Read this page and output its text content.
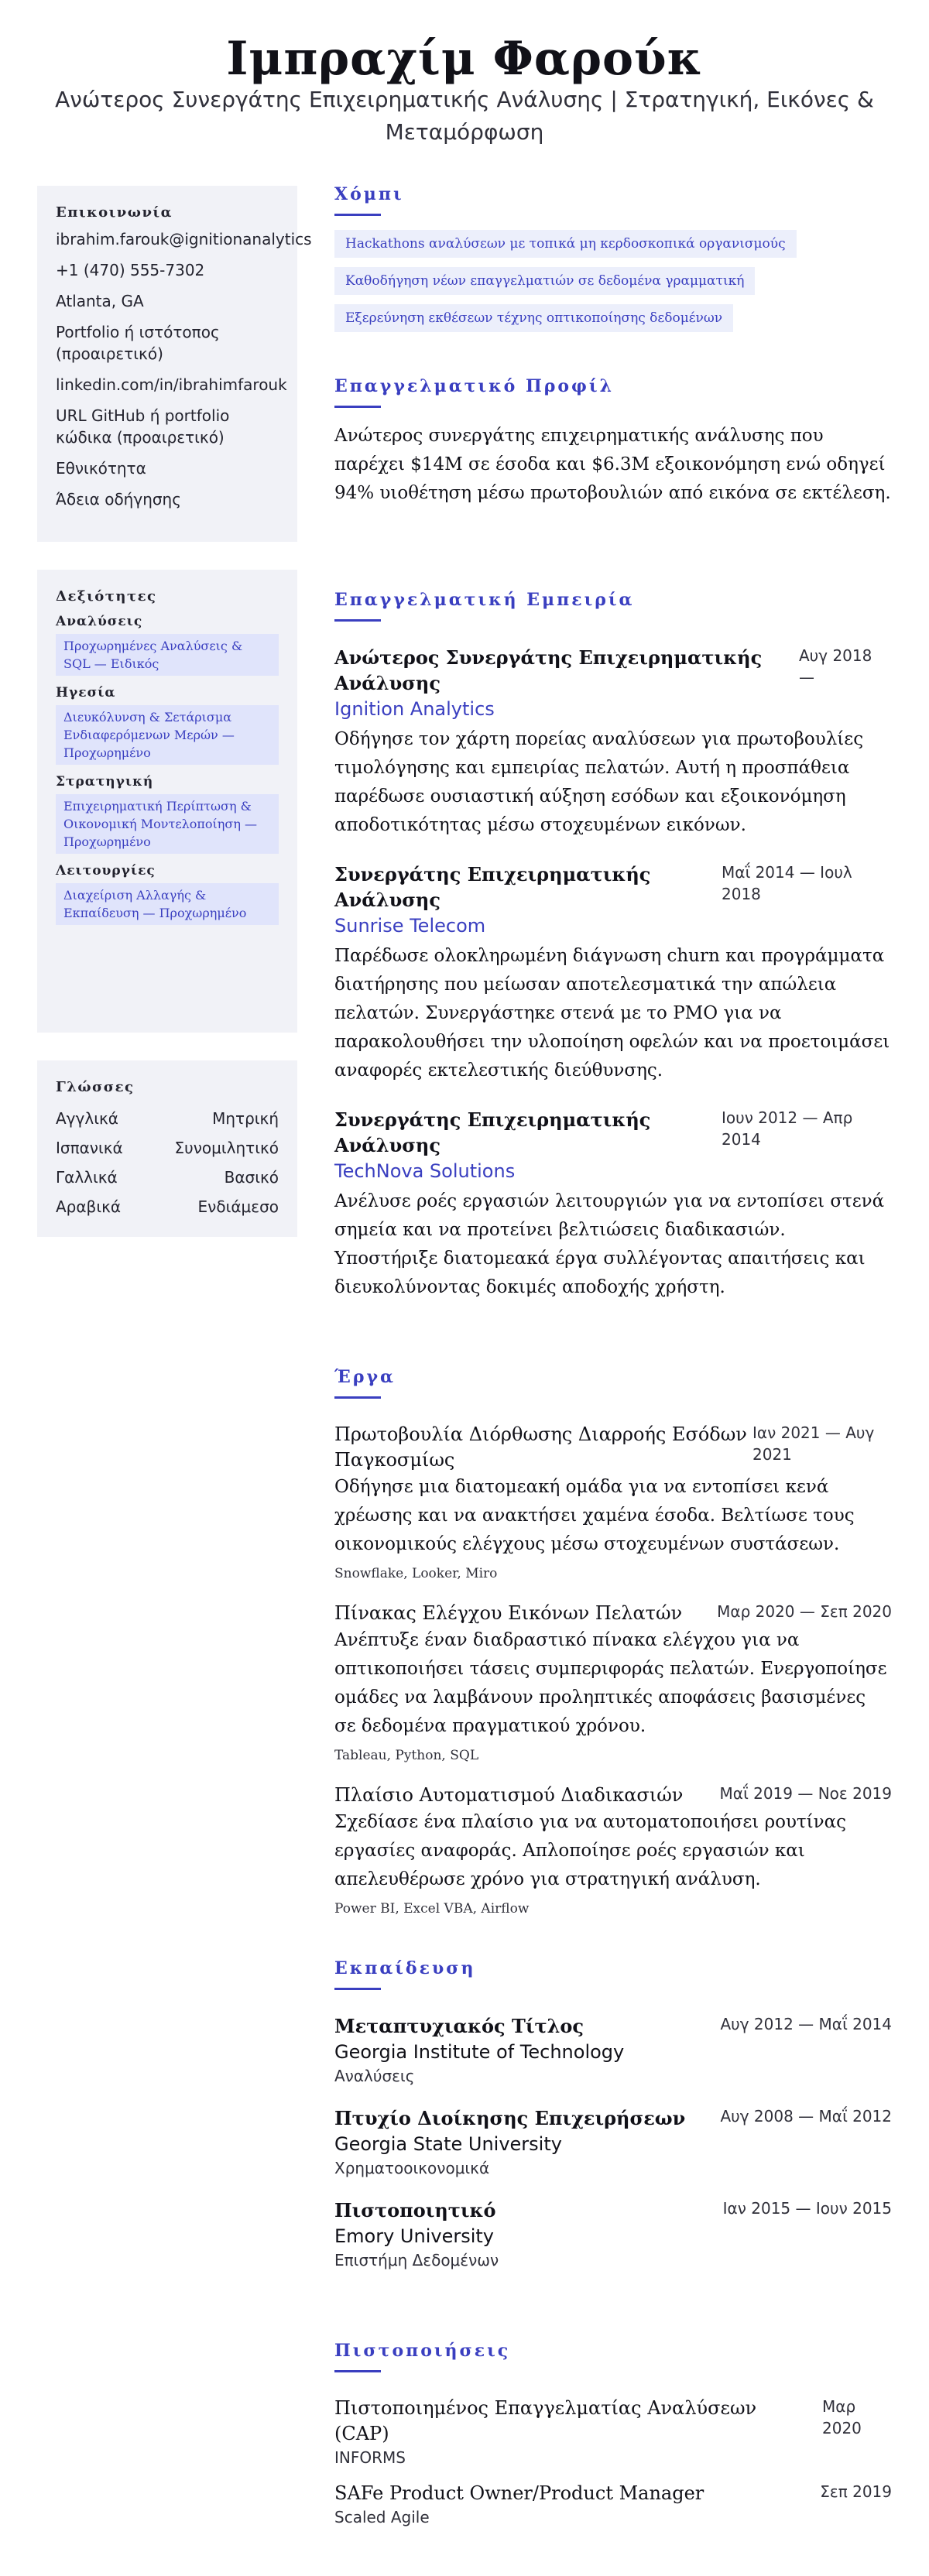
Ιμπραχίμ Φαρούκ
Ανώτερος Συνεργάτης Επιχειρηματικής Ανάλυσης | Στρατηγική, Εικόνες & Μεταμόρφωση
Επικοινωνία
ibrahim.farouk@ignitionanalytics
+1 (470) 555-7302
Atlanta, GA
Portfolio ή ιστότοπος (προαιρετικό)
linkedin.com/in/ibrahimfarouk
URL GitHub ή portfolio κώδικα (προαιρετικό)
Εθνικότητα
Άδεια οδήγησης
Δεξιότητες
Αναλύσεις
Προχωρημένες Αναλύσεις & SQL — Ειδικός
Ηγεσία
Διευκόλυνση & Σετάρισμα Ενδιαφερόμενων Μερών — Προχωρημένο
Στρατηγική
Επιχειρηματική Περίπτωση & Οικονομική Μοντελοποίηση — Προχωρημένο
Λειτουργίες
Διαχείριση Αλλαγής & Εκπαίδευση — Προχωρημένο
Γλώσσες
Αγγλικά	Μητρική
Ισπανικά	Συνομιλητικό
Γαλλικά	Βασικό
Αραβικά	Ενδιάμεσο
Χόμπι
Hackathons αναλύσεων με τοπικά μη κερδοσκοπικά οργανισμούς
Καθοδήγηση νέων επαγγελματιών σε δεδομένα γραμματική
Εξερεύνηση εκθέσεων τέχνης οπτικοποίησης δεδομένων
Επαγγελματικό Προφίλ
Ανώτερος συνεργάτης επιχειρηματικής ανάλυσης που παρέχει $14M σε έσοδα και $6.3M εξοικονόμηση ενώ οδηγεί 94% υιοθέτηση μέσω πρωτοβουλιών από εικόνα σε εκτέλεση.
Επαγγελματική Εμπειρία
Ανώτερος Συνεργάτης Επιχειρηματικής Ανάλυσης
Αυγ 2018 —
Ignition Analytics
Οδήγησε τον χάρτη πορείας αναλύσεων για πρωτοβουλίες τιμολόγησης και εμπειρίας πελατών. Αυτή η προσπάθεια παρέδωσε ουσιαστική αύξηση εσόδων και εξοικονόμηση αποδοτικότητας μέσω στοχευμένων εικόνων.
Συνεργάτης Επιχειρηματικής Ανάλυσης
Μαΐ 2014 — Ιουλ 2018
Sunrise Telecom
Παρέδωσε ολοκληρωμένη διάγνωση churn και προγράμματα διατήρησης που μείωσαν αποτελεσματικά την απώλεια πελατών. Συνεργάστηκε στενά με το PMO για να παρακολουθήσει την υλοποίηση οφελών και να προετοιμάσει αναφορές εκτελεστικής διεύθυνσης.
Συνεργάτης Επιχειρηματικής Ανάλυσης
Ιουν 2012 — Απρ 2014
TechNova Solutions
Ανέλυσε ροές εργασιών λειτουργιών για να εντοπίσει στενά σημεία και να προτείνει βελτιώσεις διαδικασιών. Υποστήριξε διατομεακά έργα συλλέγοντας απαιτήσεις και διευκολύνοντας δοκιμές αποδοχής χρήστη.
Έργα
Πρωτοβουλία Διόρθωσης Διαρροής Εσόδων Παγκοσμίως
Ιαν 2021 — Αυγ 2021
Οδήγησε μια διατομεακή ομάδα για να εντοπίσει κενά χρέωσης και να ανακτήσει χαμένα έσοδα. Βελτίωσε τους οικονομικούς ελέγχους μέσω στοχευμένων συστάσεων.
Snowflake, Looker, Miro
Πίνακας Ελέγχου Εικόνων Πελατών Μαρ 2020 — Σεπ 2020
Ανέπτυξε έναν διαδραστικό πίνακα ελέγχου για να οπτικοποιήσει τάσεις συμπεριφοράς πελατών. Ενεργοποίησε ομάδες να λαμβάνουν προληπτικές αποφάσεις βασισμένες σε δεδομένα πραγματικού χρόνου.
Tableau, Python, SQL
Πλαίσιο Αυτοματισμού Διαδικασιών Μαΐ 2019 — Νοε 2019
Σχεδίασε ένα πλαίσιο για να αυτοματοποιήσει ρουτίνας εργασίες αναφοράς. Απλοποίησε ροές εργασιών και απελευθέρωσε χρόνο για στρατηγική ανάλυση.
Power BI, Excel VBA, Airflow
Εκπαίδευση
Μεταπτυχιακός Τίτλος	Αυγ 2012 — Μαΐ 2014
Georgia Institute of Technology
Αναλύσεις
Πτυχίο Διοίκησης Επιχειρήσεων Αυγ 2008 — Μαΐ 2012
Georgia State University
Χρηματοοικονομικά
Πιστοποιητικό	Ιαν 2015 — Ιουν 2015
Emory University
Επιστήμη Δεδομένων
Πιστοποιήσεις
Πιστοποιημένος Επαγγελματίας Αναλύσεων (CAP)
Μαρ 2020
INFORMS
SAFe Product Owner/Product Manager	Σεπ 2019
Scaled Agile
